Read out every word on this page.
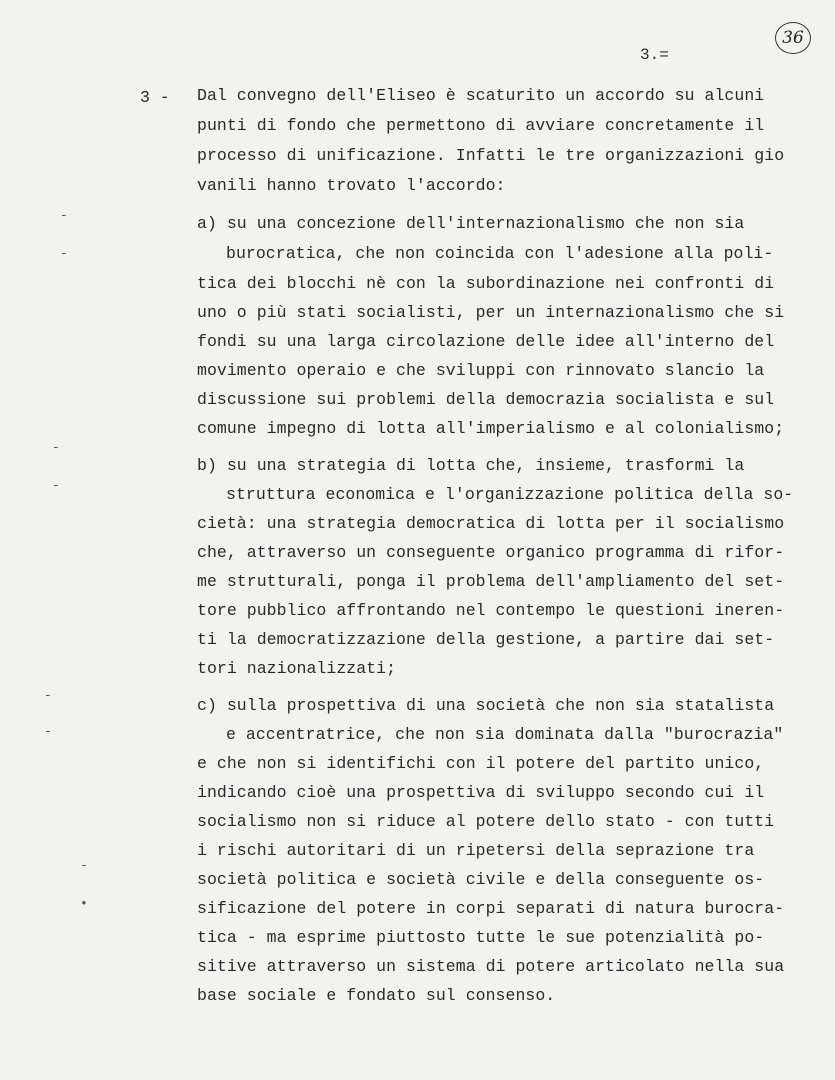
36
3.=
3 - Dal convegno dell'Eliseo è scaturito un accordo su alcuni
punti di fondo che permettono di avviare concretamente il
processo di unificazione. Infatti le tre organizzazioni gio
vanili hanno trovato l'accordo:
a) su una concezione dell'internazionalismo che non sia
burocratica, che non coincida con l'adesione alla poli-
tica dei blocchi nè con la subordinazione nei confronti di
uno o più stati socialisti, per un internazionalismo che si
fondi su una larga circolazione delle idee all'interno del
movimento operaio e che sviluppi con rinnovato slancio la
discussione sui problemi della democrazia socialista e sul
comune impegno di lotta all'imperialismo e al colonialismo;
b) su una strategia di lotta che, insieme, trasformi la
struttura economica e l'organizzazione politica della so-
cietà: una strategia democratica di lotta per il socialismo
che, attraverso un conseguente organico programma di rifor-
me strutturali, ponga il problema dell'ampliamento del set-
tore pubblico affrontando nel contempo le questioni ineren-
ti la democratizzazione della gestione, a partire dai set-
tori nazionalizzati;
c) sulla prospettiva di una società che non sia statalista
e accentratrice, che non sia dominata dalla "burocrazia"
e che non si identifichi con il potere del partito unico,
indicando cioè una prospettiva di sviluppo secondo cui il
socialismo non si riduce al potere dello stato - con tutti
i rischi autoritari di un ripetersi della seprazione tra
società politica e società civile e della conseguente os-
sificazione del potere in corpi separati di natura burocra-
tica - ma esprime piuttosto tutte le sue potenzialità po-
sitive attraverso un sistema di potere articolato nella sua
base sociale e fondato sul consenso.
-
-
-
-
-
-
-
•
